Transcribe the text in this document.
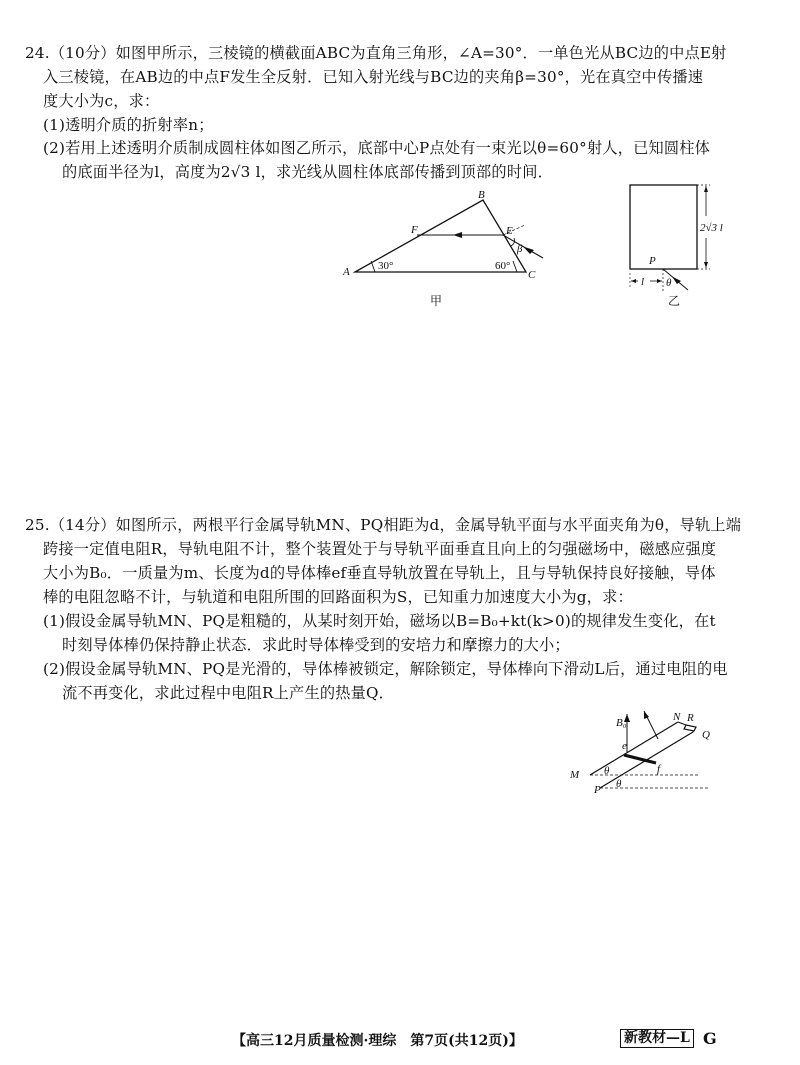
24.（10分）如图甲所示，三棱镜的横截面ABC为直角三角形，∠A=30°．一单色光从BC边的中点E射
入三棱镜，在AB边的中点F发生全反射．已知入射光线与BC边的夹角β=30°，光在真空中传播速
度大小为c，求：
(1)透明介质的折射率n；
(2)若用上述透明介质制成圆柱体如图乙所示，底部中心P点处有一束光以θ=60°射人，已知圆柱体
的底面半径为l，高度为2√3 l，求光线从圆柱体底部传播到顶部的时间．
A
B
C
E
F
30°	60°
β
甲
2√3 l
P
θ
l
乙
25.（14分）如图所示，两根平行金属导轨MN、PQ相距为d，金属导轨平面与水平面夹角为θ，导轨上端
跨接一定值电阻R，导轨电阻不计，整个装置处于与导轨平面垂直且向上的匀强磁场中，磁感应强度
大小为B₀．一质量为m、长度为d的导体棒ef垂直导轨放置在导轨上，且与导轨保持良好接触，导体
棒的电阻忽略不计，与轨道和电阻所围的回路面积为S，已知重力加速度大小为g，求：
(1)假设金属导轨MN、PQ是粗糙的，从某时刻开始，磁场以B=B₀+kt(k>0)的规律发生变化，在t
时刻导体棒仍保持静止状态．求此时导体棒受到的安培力和摩擦力的大小；
(2)假设金属导轨MN、PQ是光滑的，导体棒被锁定，解除锁定，导体棒向下滑动L后，通过电阻的电
流不再变化，求此过程中电阻R上产生的热量Q．
B₀	N R
Q
e
f
M
P
θ
θ
【高三12月质量检测·理综　第7页(共12页)】	新教材—L G
